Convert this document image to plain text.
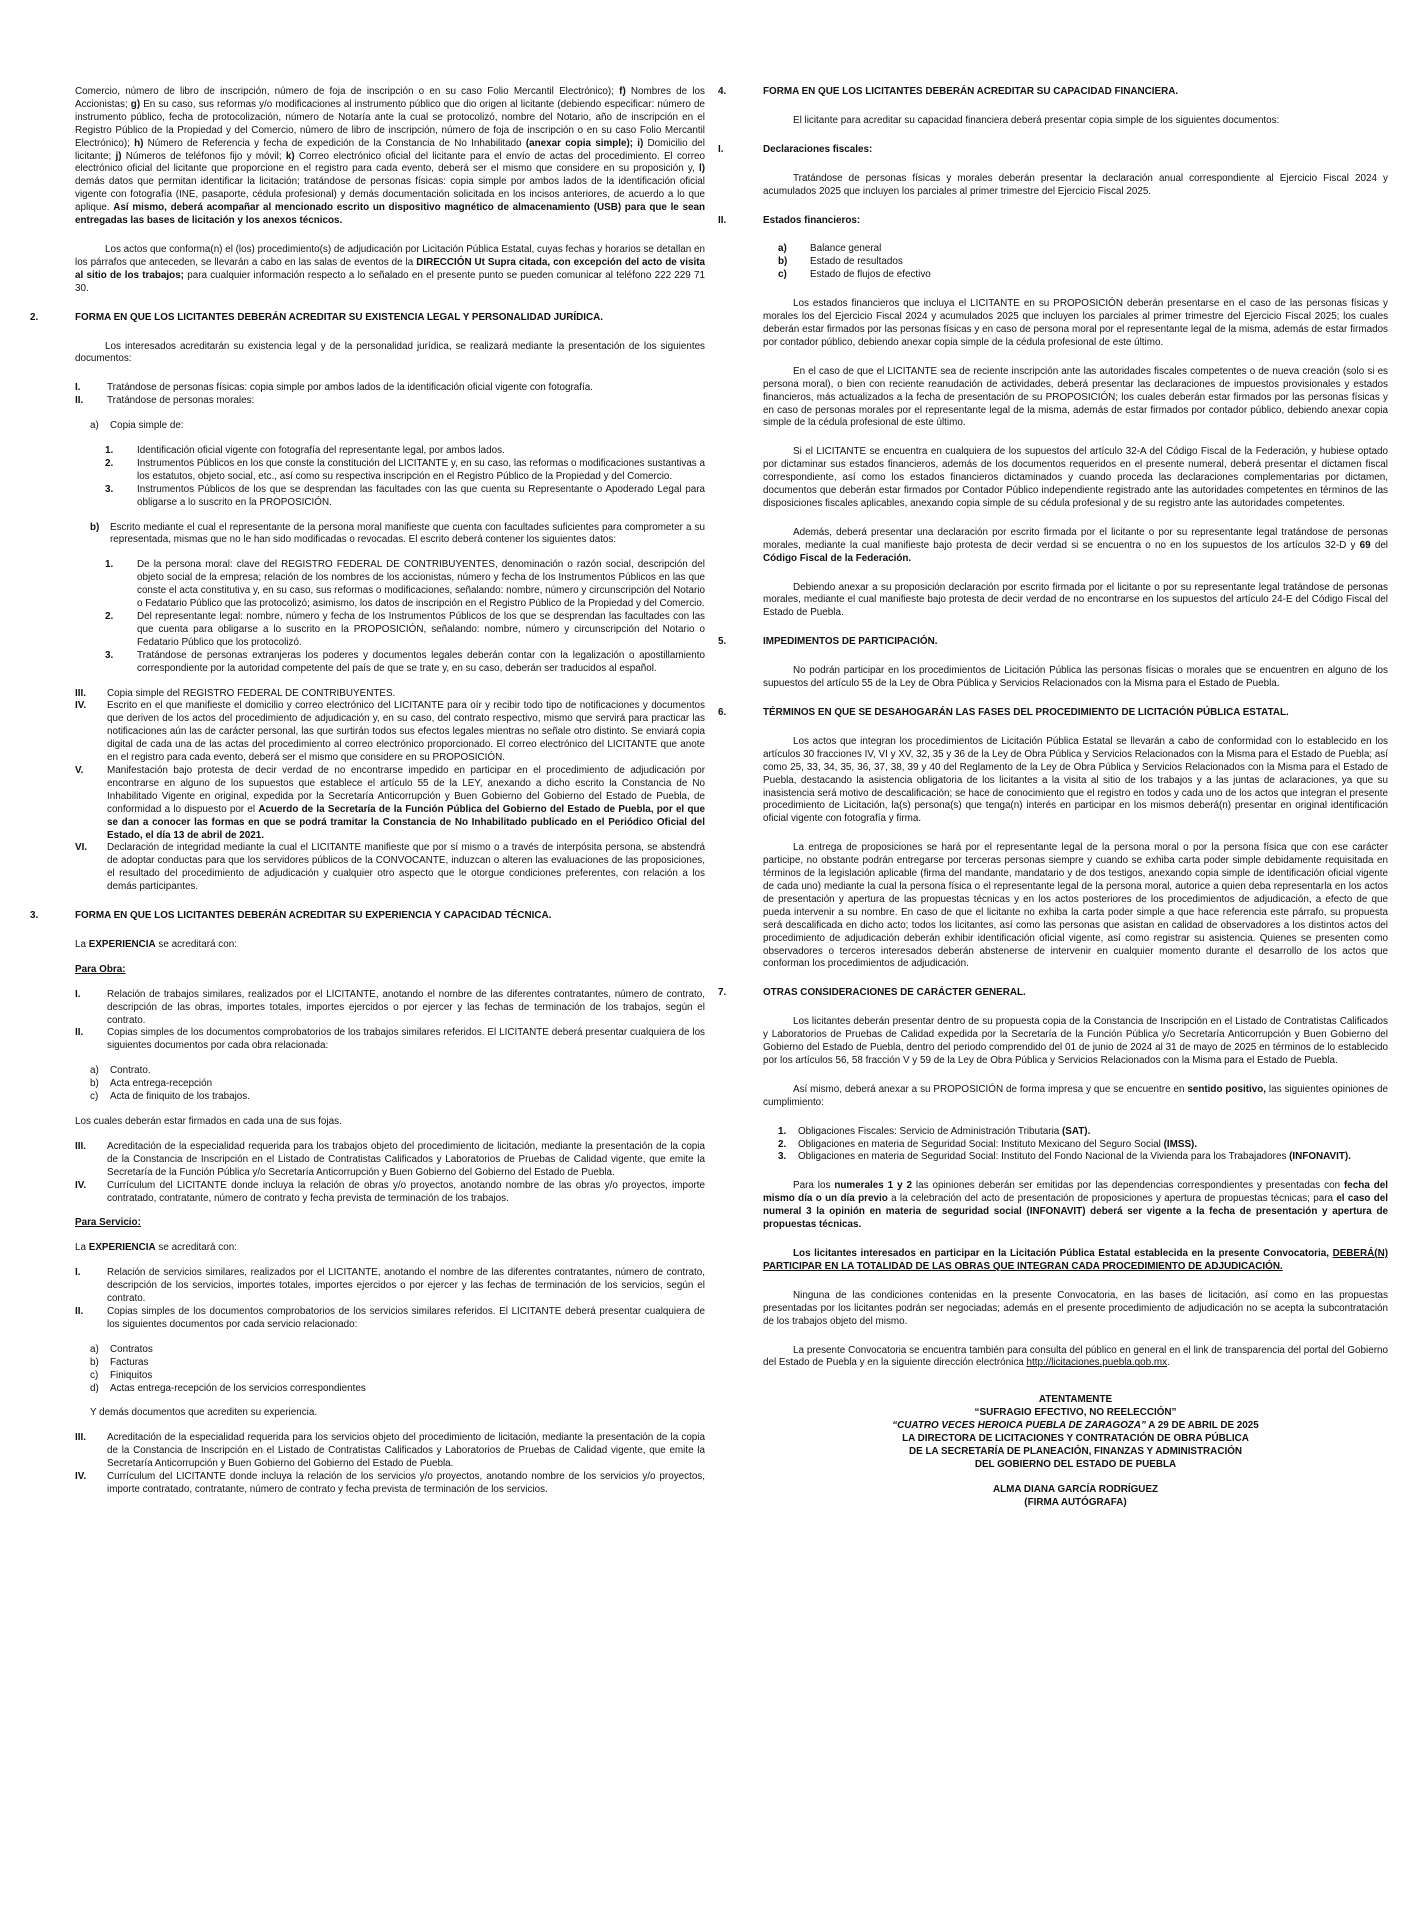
Comercio, número de libro de inscripción, número de foja de inscripción o en su caso Folio Mercantil Electrónico); f) Nombres de los Accionistas; g) En su caso, sus reformas y/o modificaciones al instrumento público que dio origen al licitante (debiendo especificar: número de instrumento público, fecha de protocolización, número de Notaría ante la cual se protocolizó, nombre del Notario, año de inscripción en el Registro Público de la Propiedad y del Comercio, número de libro de inscripción, número de foja de inscripción o en su caso Folio Mercantil Electrónico); h) Número de Referencia y fecha de expedición de la Constancia de No Inhabilitado (anexar copia simple); i) Domicilio del licitante; j) Números de teléfonos fijo y móvil; k) Correo electrónico oficial del licitante para el envío de actas del procedimiento. El correo electrónico oficial del licitante que proporcione en el registro para cada evento, deberá ser el mismo que considere en su proposición y, l) demás datos que permitan identificar la licitación; tratándose de personas físicas: copia simple por ambos lados de la identificación oficial vigente con fotografía (INE, pasaporte, cédula profesional) y demás documentación solicitada en los incisos anteriores, de acuerdo a lo que aplique. Así mismo, deberá acompañar al mencionado escrito un dispositivo magnético de almacenamiento (USB) para que le sean entregadas las bases de licitación y los anexos técnicos.

Los actos que conforma(n) el (los) procedimiento(s) de adjudicación por Licitación Pública Estatal, cuyas fechas y horarios se detallan en los párrafos que anteceden, se llevarán a cabo en las salas de eventos de la DIRECCIÓN Ut Supra citada, con excepción del acto de visita al sitio de los trabajos; para cualquier información respecto a lo señalado en el presente punto se pueden comunicar al teléfono 222 229 71 30.

2.	FORMA EN QUE LOS LICITANTES DEBERÁN ACREDITAR SU EXISTENCIA LEGAL Y PERSONALIDAD JURÍDICA.

Los interesados acreditarán su existencia legal y de la personalidad jurídica, se realizará mediante la presentación de los siguientes documentos:

I.	Tratándose de personas físicas: copia simple por ambos lados de la identificación oficial vigente con fotografía.
II. Tratándose de personas morales:
a) Copia simple de:
1. Identificación oficial vigente con fotografía del representante legal, por ambos lados.
2. Instrumentos Públicos en los que conste la constitución del LICITANTE y, en su caso, las reformas o modificaciones sustantivas a los estatutos, objeto social, etc., así como su respectiva inscripción en el Registro Público de la Propiedad y del Comercio.
3. Instrumentos Públicos de los que se desprendan las facultades con las que cuenta su Representante o Apoderado Legal para obligarse a lo suscrito en la PROPOSICIÓN.
b) Escrito mediante el cual el representante de la persona moral manifieste que cuenta con facultades suficientes para comprometer a su representada, mismas que no le han sido modificadas o revocadas. El escrito deberá contener los siguientes datos:
1. De la persona moral: clave del REGISTRO FEDERAL DE CONTRIBUYENTES, denominación o razón social, descripción del objeto social de la empresa; relación de los nombres de los accionistas, número y fecha de los Instrumentos Públicos en las que conste el acta constitutiva y, en su caso, sus reformas o modificaciones, señalando: nombre, número y circunscripción del Notario o Fedatario Público que las protocolizó; asimismo, los datos de inscripción en el Registro Público de la Propiedad y del Comercio.
2. Del representante legal: nombre, número y fecha de los Instrumentos Públicos de los que se desprendan las facultades con las que cuenta para obligarse a lo suscrito en la PROPOSICIÓN, señalando: nombre, número y circunscripción del Notario o Fedatario Público que los protocolizó.
3. Tratándose de personas extranjeras los poderes y documentos legales deberán contar con la legalización o apostillamiento correspondiente por la autoridad competente del país de que se trate y, en su caso, deberán ser traducidos al español.
III. Copia simple del REGISTRO FEDERAL DE CONTRIBUYENTES.
IV. Escrito en el que manifieste el domicilio y correo electrónico del LICITANTE para oír y recibir todo tipo de notificaciones y documentos que deriven de los actos del procedimiento de adjudicación y, en su caso, del contrato respectivo, mismo que servirá para practicar las notificaciones aún las de carácter personal, las que surtirán todos sus efectos legales mientras no señale otro distinto. Se enviará copia digital de cada una de las actas del procedimiento al correo electrónico proporcionado. El correo electrónico del LICITANTE que anote en el registro para cada evento, deberá ser el mismo que considere en su PROPOSICIÓN.
V. Manifestación bajo protesta de decir verdad de no encontrarse impedido en participar en el procedimiento de adjudicación por encontrarse en alguno de los supuestos que establece el artículo 55 de la LEY, anexando a dicho escrito la Constancia de No Inhabilitado Vigente en original, expedida por la Secretaría Anticorrupción y Buen Gobierno del Gobierno del Estado de Puebla, de conformidad a lo dispuesto por el Acuerdo de la Secretaría de la Función Pública del Gobierno del Estado de Puebla, por el que se dan a conocer las formas en que se podrá tramitar la Constancia de No Inhabilitado publicado en el Periódico Oficial del Estado, el día 13 de abril de 2021.
VI. Declaración de integridad mediante la cual el LICITANTE manifieste que por sí mismo o a través de interpósita persona, se abstendrá de adoptar conductas para que los servidores públicos de la CONVOCANTE, induzcan o alteren las evaluaciones de las proposiciones, el resultado del procedimiento de adjudicación y cualquier otro aspecto que le otorgue condiciones preferentes, con relación a los demás participantes.
3.	FORMA EN QUE LOS LICITANTES DEBERÁN ACREDITAR SU EXPERIENCIA Y CAPACIDAD TÉCNICA.

La EXPERIENCIA se acreditará con:

Para Obra:

I.	Relación de trabajos similares, realizados por el LICITANTE, anotando el nombre de las diferentes contratantes, número de contrato, descripción de las obras, importes totales, importes ejercidos o por ejercer y las fechas de terminación de los trabajos, según el contrato.
II. Copias simples de los documentos comprobatorios de los trabajos similares referidos. El LICITANTE deberá presentar cualquiera de los siguientes documentos por cada obra relacionada:
a) Contrato.
b) Acta entrega-recepción
c) Acta de finiquito de los trabajos.

Los cuales deberán estar firmados en cada una de sus fojas.

III. Acreditación de la especialidad requerida para los trabajos objeto del procedimiento de licitación, mediante la presentación de la copia de la Constancia de Inscripción en el Listado de Contratistas Calificados y Laboratorios de Pruebas de Calidad vigente, que emite la Secretaría de la Función Pública y/o Secretaría Anticorrupción y Buen Gobierno del Gobierno del Estado de Puebla.
IV. Currículum del LICITANTE donde incluya la relación de obras y/o proyectos, anotando nombre de las obras y/o proyectos, importe contratado, contratante, número de contrato y fecha prevista de terminación de los trabajos.

Para Servicio:

La EXPERIENCIA se acreditará con:

I.	Relación de servicios similares, realizados por el LICITANTE, anotando el nombre de las diferentes contratantes, número de contrato, descripción de los servicios, importes totales, importes ejercidos o por ejercer y las fechas de terminación de los servicios, según el contrato.
II. Copias simples de los documentos comprobatorios de los servicios similares referidos. El LICITANTE deberá presentar cualquiera de los siguientes documentos por cada servicio relacionado:
a) Contratos
b) Facturas
c) Finiquitos
d) Actas entrega-recepción de los servicios correspondientes

Y demás documentos que acrediten su experiencia.

III. Acreditación de la especialidad requerida para los servicios objeto del procedimiento de licitación, mediante la presentación de la copia de la Constancia de Inscripción en el Listado de Contratistas Calificados y Laboratorios de Pruebas de Calidad vigente, que emite la Secretaría Anticorrupción y Buen Gobierno del Gobierno del Estado de Puebla.
IV. Currículum del LICITANTE donde incluya la relación de los servicios y/o proyectos, anotando nombre de los servicios y/o proyectos, importe contratado, contratante, número de contrato y fecha prevista de terminación de los servicios.
4.	FORMA EN QUE LOS LICITANTES DEBERÁN ACREDITAR SU CAPACIDAD FINANCIERA.

El licitante para acreditar su capacidad financiera deberá presentar copia simple de los siguientes documentos:

I.	Declaraciones fiscales:

Tratándose de personas físicas y morales deberán presentar la declaración anual correspondiente al Ejercicio Fiscal 2024 y acumulados 2025 que incluyen los parciales al primer trimestre del Ejercicio Fiscal 2025.

II.	Estados financieros:
a) Balance general
b) Estado de resultados
c) Estado de flujos de efectivo

Los estados financieros que incluya el LICITANTE en su PROPOSICIÓN deberán presentarse en el caso de las personas físicas y morales los del Ejercicio Fiscal 2024 y acumulados 2025 que incluyen los parciales al primer trimestre del Ejercicio Fiscal 2025; los cuales deberán estar firmados por las personas físicas y en caso de persona moral por el representante legal de la misma, además de estar firmados por contador público, debiendo anexar copia simple de la cédula profesional de este último.

En el caso de que el LICITANTE sea de reciente inscripción ante las autoridades fiscales competentes o de nueva creación (solo si es persona moral), o bien con reciente reanudación de actividades, deberá presentar las declaraciones de impuestos provisionales y estados financieros, más actualizados a la fecha de presentación de su PROPOSICIÓN; los cuales deberán estar firmados por las personas físicas y en caso de personas morales por el representante legal de la misma, además de estar firmados por contador público, debiendo anexar copia simple de la cédula profesional de este último.

Si el LICITANTE se encuentra en cualquiera de los supuestos del artículo 32-A del Código Fiscal de la Federación, y hubiese optado por dictaminar sus estados financieros, además de los documentos requeridos en el presente numeral, deberá presentar el dictamen fiscal correspondiente, así como los estados financieros dictaminados y cuando proceda las declaraciones complementarias por dictamen, documentos que deberán estar firmados por Contador Público independiente registrado ante las autoridades competentes en términos de las disposiciones fiscales aplicables, anexando copia simple de su cédula profesional y de su registro ante las autoridades competentes.

Además, deberá presentar una declaración por escrito firmada por el licitante o por su representante legal tratándose de personas morales, mediante la cual manifieste bajo protesta de decir verdad si se encuentra o no en los supuestos de los artículos 32-D y 69 del Código Fiscal de la Federación.

Debiendo anexar a su proposición declaración por escrito firmada por el licitante o por su representante legal tratándose de personas morales, mediante el cual manifieste bajo protesta de decir verdad de no encontrarse en los supuestos del artículo 24-E del Código Fiscal del Estado de Puebla.

5.	IMPEDIMENTOS DE PARTICIPACIÓN.

No podrán participar en los procedimientos de Licitación Pública las personas físicas o morales que se encuentren en alguno de los supuestos del artículo 55 de la Ley de Obra Pública y Servicios Relacionados con la Misma para el Estado de Puebla.

6.	TÉRMINOS EN QUE SE DESAHOGARÁN LAS FASES DEL PROCEDIMIENTO DE LICITACIÓN PÚBLICA ESTATAL.

Los actos que integran los procedimientos de Licitación Pública Estatal se llevarán a cabo de conformidad con lo establecido en los artículos 30 fracciones IV, VI y XV, 32, 35 y 36 de la Ley de Obra Pública y Servicios Relacionados con la Misma para el Estado de Puebla; así como 25, 33, 34, 35, 36, 37, 38, 39 y 40 del Reglamento de la Ley de Obra Pública y Servicios Relacionados con la Misma para el Estado de Puebla, destacando la asistencia obligatoria de los licitantes a la visita al sitio de los trabajos y a las juntas de aclaraciones, ya que su inasistencia será motivo de descalificación; se hace de conocimiento que el registro en todos y cada uno de los actos que integran el presente procedimiento de Licitación, la(s) persona(s) que tenga(n) interés en participar en los mismos deberá(n) presentar en original identificación oficial vigente con fotografía y firma.

La entrega de proposiciones se hará por el representante legal de la persona moral o por la persona física que con ese carácter participe, no obstante podrán entregarse por terceras personas siempre y cuando se exhiba carta poder simple debidamente requisitada en términos de la legislación aplicable (firma del mandante, mandatario y de dos testigos, anexando copia simple de identificación oficial vigente de cada uno) mediante la cual la persona física o el representante legal de la persona moral, autorice a quien deba representarla en los actos de presentación y apertura de las propuestas técnicas y en los actos posteriores de los procedimientos de adjudicación, a efecto de que pueda intervenir a su nombre. En caso de que el licitante no exhiba la carta poder simple a que hace referencia este párrafo, su propuesta será descalificada en dicho acto; todos los licitantes, así como las personas que asistan en calidad de observadores a los distintos actos del procedimiento de adjudicación deberán exhibir identificación oficial vigente, así como registrar su asistencia. Quienes se presenten como observadores o terceros interesados deberán abstenerse de intervenir en cualquier momento durante el desarrollo de los actos que conforman los procedimientos de adjudicación.

7.	OTRAS CONSIDERACIONES DE CARÁCTER GENERAL.

Los licitantes deberán presentar dentro de su propuesta copia de la Constancia de Inscripción en el Listado de Contratistas Calificados y Laboratorios de Pruebas de Calidad expedida por la Secretaría de la Función Pública y/o Secretaría Anticorrupción y Buen Gobierno del Gobierno del Estado de Puebla, dentro del periodo comprendido del 01 de junio de 2024 al 31 de mayo de 2025 en términos de lo establecido por los artículos 56, 58 fracción V y 59 de la Ley de Obra Pública y Servicios Relacionados con la Misma para el Estado de Puebla.

Así mismo, deberá anexar a su PROPOSICIÓN de forma impresa y que se encuentre en sentido positivo, las siguientes opiniones de cumplimiento:

1. Obligaciones Fiscales: Servicio de Administración Tributaria (SAT).
2. Obligaciones en materia de Seguridad Social: Instituto Mexicano del Seguro Social (IMSS).
3. Obligaciones en materia de Seguridad Social: Instituto del Fondo Nacional de la Vivienda para los Trabajadores (INFONAVIT).

Para los numerales 1 y 2 las opiniones deberán ser emitidas por las dependencias correspondientes y presentadas con fecha del mismo día o un día previo a la celebración del acto de presentación de proposiciones y apertura de propuestas técnicas; para el caso del numeral 3 la opinión en materia de seguridad social (INFONAVIT) deberá ser vigente a la fecha de presentación y apertura de propuestas técnicas.

Los licitantes interesados en participar en la Licitación Pública Estatal establecida en la presente Convocatoria, DEBERÁ(N) PARTICIPAR EN LA TOTALIDAD DE LAS OBRAS QUE INTEGRAN CADA PROCEDIMIENTO DE ADJUDICACIÓN.

Ninguna de las condiciones contenidas en la presente Convocatoria, en las bases de licitación, así como en las propuestas presentadas por los licitantes podrán ser negociadas; además en el presente procedimiento de adjudicación no se acepta la subcontratación de los trabajos objeto del mismo.

La presente Convocatoria se encuentra también para consulta del público en general en el link de transparencia del portal del Gobierno del Estado de Puebla y en la siguiente dirección electrónica http://licitaciones.puebla.gob.mx.

ATENTAMENTE

“SUFRAGIO EFECTIVO, NO REELECCIÓN”

“CUATRO VECES HEROICA PUEBLA DE ZARAGOZA” A 29 DE ABRIL DE 2025

LA DIRECTORA DE LICITACIONES Y CONTRATACIÓN DE OBRA PÚBLICA

DE LA SECRETARÍA DE PLANEACIÓN, FINANZAS Y ADMINISTRACIÓN

DEL GOBIERNO DEL ESTADO DE PUEBLA

ALMA DIANA GARCÍA RODRÍGUEZ

(FIRMA AUTÓGRAFA)
